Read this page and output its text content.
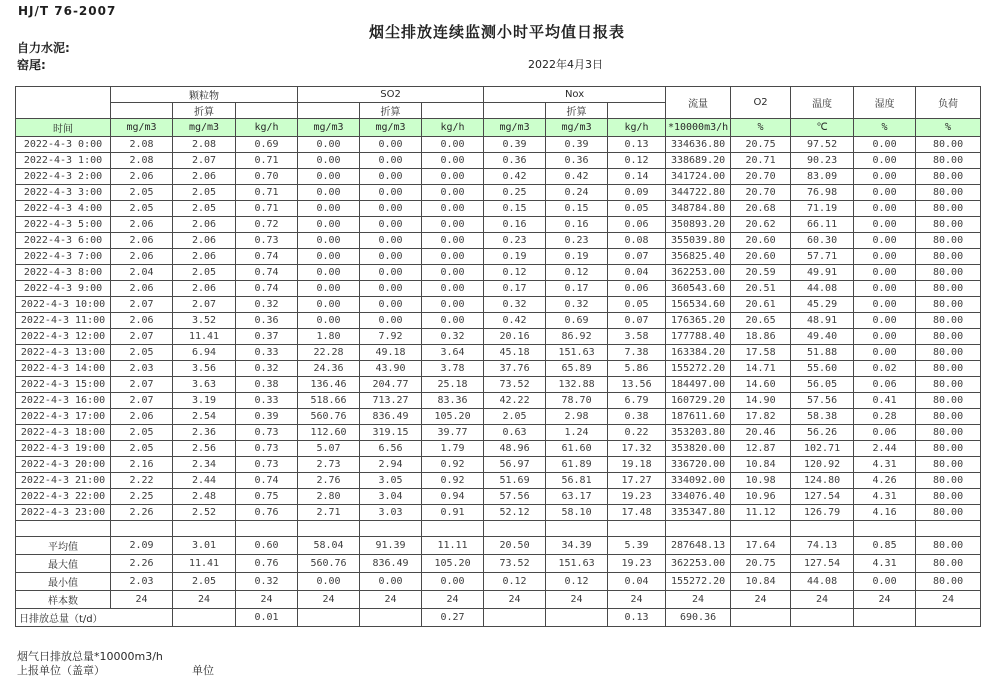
HJ/T 76-2007
烟尘排放连续监测小时平均值日报表
自力水泥:
窑尾:	2022年4月3日
	颗粒物			SO2			Nox			流量	O2	温度	湿度	负荷
		折算			折算			折算						
时间	mg/m3	mg/m3	kg/h	mg/m3	mg/m3	kg/h	mg/m3	mg/m3	kg/h	*10000m3/h	%	℃	%	%
2022-4-3 0:00	2.08	2.08	0.69	0.00	0.00	0.00	0.39	0.39	0.13	334636.80	20.75	97.52	0.00	80.00
2022-4-3 1:00	2.08	2.07	0.71	0.00	0.00	0.00	0.36	0.36	0.12	338689.20	20.71	90.23	0.00	80.00
2022-4-3 2:00	2.06	2.06	0.70	0.00	0.00	0.00	0.42	0.42	0.14	341724.00	20.70	83.09	0.00	80.00
2022-4-3 3:00	2.05	2.05	0.71	0.00	0.00	0.00	0.25	0.24	0.09	344722.80	20.70	76.98	0.00	80.00
2022-4-3 4:00	2.05	2.05	0.71	0.00	0.00	0.00	0.15	0.15	0.05	348784.80	20.68	71.19	0.00	80.00
2022-4-3 5:00	2.06	2.06	0.72	0.00	0.00	0.00	0.16	0.16	0.06	350893.20	20.62	66.11	0.00	80.00
2022-4-3 6:00	2.06	2.06	0.73	0.00	0.00	0.00	0.23	0.23	0.08	355039.80	20.60	60.30	0.00	80.00
2022-4-3 7:00	2.06	2.06	0.74	0.00	0.00	0.00	0.19	0.19	0.07	356825.40	20.60	57.71	0.00	80.00
2022-4-3 8:00	2.04	2.05	0.74	0.00	0.00	0.00	0.12	0.12	0.04	362253.00	20.59	49.91	0.00	80.00
2022-4-3 9:00	2.06	2.06	0.74	0.00	0.00	0.00	0.17	0.17	0.06	360543.60	20.51	44.08	0.00	80.00
2022-4-3 10:00	2.07	2.07	0.32	0.00	0.00	0.00	0.32	0.32	0.05	156534.60	20.61	45.29	0.00	80.00
2022-4-3 11:00	2.06	3.52	0.36	0.00	0.00	0.00	0.42	0.69	0.07	176365.20	20.65	48.91	0.00	80.00
2022-4-3 12:00	2.07	11.41	0.37	1.80	7.92	0.32	20.16	86.92	3.58	177788.40	18.86	49.40	0.00	80.00
2022-4-3 13:00	2.05	6.94	0.33	22.28	49.18	3.64	45.18	151.63	7.38	163384.20	17.58	51.88	0.00	80.00
2022-4-3 14:00	2.03	3.56	0.32	24.36	43.90	3.78	37.76	65.89	5.86	155272.20	14.71	55.60	0.02	80.00
2022-4-3 15:00	2.07	3.63	0.38	136.46	204.77	25.18	73.52	132.88	13.56	184497.00	14.60	56.05	0.06	80.00
2022-4-3 16:00	2.07	3.19	0.33	518.66	713.27	83.36	42.22	78.70	6.79	160729.20	14.90	57.56	0.41	80.00
2022-4-3 17:00	2.06	2.54	0.39	560.76	836.49	105.20	2.05	2.98	0.38	187611.60	17.82	58.38	0.28	80.00
2022-4-3 18:00	2.05	2.36	0.73	112.60	319.15	39.77	0.63	1.24	0.22	353203.80	20.46	56.26	0.06	80.00
2022-4-3 19:00	2.05	2.56	0.73	5.07	6.56	1.79	48.96	61.60	17.32	353820.00	12.87	102.71	2.44	80.00
2022-4-3 20:00	2.16	2.34	0.73	2.73	2.94	0.92	56.97	61.89	19.18	336720.00	10.84	120.92	4.31	80.00
2022-4-3 21:00	2.22	2.44	0.74	2.76	3.05	0.92	51.69	56.81	17.27	334092.00	10.98	124.80	4.26	80.00
2022-4-3 22:00	2.25	2.48	0.75	2.80	3.04	0.94	57.56	63.17	19.23	334076.40	10.96	127.54	4.31	80.00
2022-4-3 23:00	2.26	2.52	0.76	2.71	3.03	0.91	52.12	58.10	17.48	335347.80	11.12	126.79	4.16	80.00

平均值	2.09	3.01	0.60	58.04	91.39	11.11	20.50	34.39	5.39	287648.13	17.64	74.13	0.85	80.00
最大值	2.26	11.41	0.76	560.76	836.49	105.20	73.52	151.63	19.23	362253.00	20.75	127.54	4.31	80.00
最小值	2.03	2.05	0.32	0.00	0.00	0.00	0.12	0.12	0.04	155272.20	10.84	44.08	0.00	80.00
样本数	24	24	24	24	24	24	24	24	24	24	24	24	24	24
日排放总量（t/d）			0.01			0.27			0.13	690.36				
烟气日排放总量*10000m3/h
上报单位（盖章）	单位
